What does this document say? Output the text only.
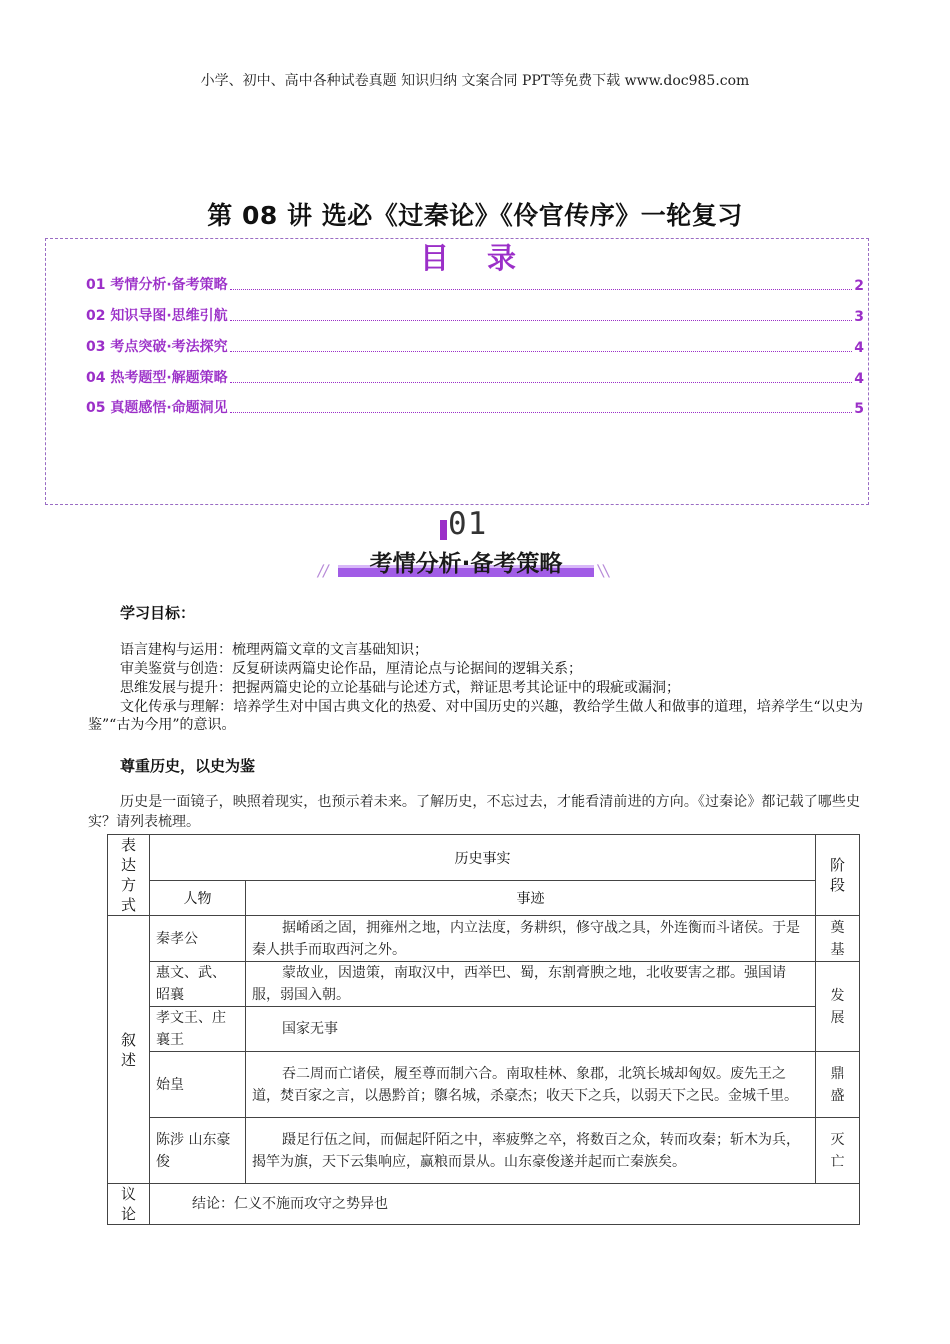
小学、初中、高中各种试卷真题 知识归纳 文案合同 PPT等免费下载 www.doc985.com
第 08 讲 选必《过秦论》《伶官传序》一轮复习
目 录
01 考情分析·备考策略	2
02 知识导图·思维引航	3
03 考点突破·考法探究	4
04 热考题型·解题策略	4
05 真题感悟·命题洞见	5
01
//	\\
考情分析·备考策略
学习目标：
语言建构与运用：梳理两篇文章的文言基础知识；
审美鉴赏与创造：反复研读两篇史论作品，厘清论点与论据间的逻辑关系；
思维发展与提升：把握两篇史论的立论基础与论述方式，辩证思考其论证中的瑕疵或漏洞；
文化传承与理解：培养学生对中国古典文化的热爱、对中国历史的兴趣，教给学生做人和做事的道理，培养学生“以史为鉴”“古为今用”的意识。
尊重历史，以史为鉴
历史是一面镜子，映照着现实，也预示着未来。了解历史，不忘过去，才能看清前进的方向。《过秦论》都记载了哪些史实？请列表梳理。
表达方式	历史事实		阶段

	人物	事迹	

叙述	秦孝公	据崤函之固，拥雍州之地，内立法度，务耕织，修守战之具，外连衡而斗诸侯。于是秦人拱手而取西河之外。	奠基

	惠文、武、昭襄	蒙故业，因遗策，南取汉中，西举巴、蜀，东割膏腴之地，北收要害之郡。强国请服，弱国入朝。	发展

	孝文王、庄襄王	国家无事	
	始皇	吞二周而亡诸侯，履至尊而制六合。南取桂林、象郡，北筑长城却匈奴。废先王之道，焚百家之言，以愚黔首；隳名城，杀豪杰；收天下之兵，以弱天下之民。金城千里。	鼎盛

	陈涉 山东豪俊	蹑足行伍之间，而倔起阡陌之中，率疲弊之卒，将数百之众，转而攻秦；斩木为兵，揭竿为旗，天下云集响应，赢粮而景从。山东豪俊遂并起而亡秦族矣。	灭亡

议论	结论：仁义不施而攻守之势异也		
